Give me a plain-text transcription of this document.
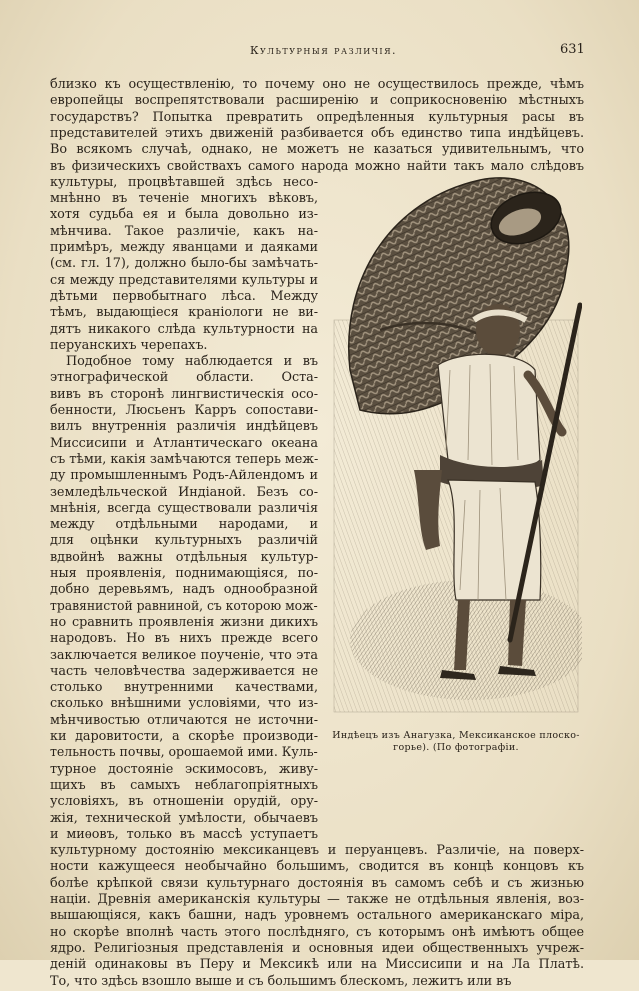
Культурныя различія.	631
близко къ осуществленію, то почему оно не осуществилось прежде, чѣмъ
европейцы воспрепятствовали расширенію и соприкосновенію мѣстныхъ
государствъ? Попытка превратить опредѣленныя культурныя расы въ
представителей этихъ движеній разбивается объ единство типа индѣйцевъ.
Во всякомъ случаѣ, однако, не можетъ не казаться удивительнымъ, что
въ физическихъ свойствахъ самого народа можно найти такъ мало слѣдовъ
культуры, процвѣтавшей здѣсь несо-
мнѣнно въ теченіе многихъ вѣковъ,
хотя судьба ея и была довольно из-
мѣнчива. Такое различіе, какъ на-
примѣръ, между яванцами и даяками
(см. гл. 17), должно было-бы замѣчать-
ся между представителями культуры и
дѣтьми первобытнаго лѣса. Между
тѣмъ, выдающіеся краніологи не ви-
дятъ никакого слѣда культурности на
перуанскихъ черепахъ.
Подобное тому наблюдается и въ
этнографической области. Оста-
вивъ въ сторонѣ лингвистическія осо-
бенности, Люсьенъ Карръ сопостави-
вилъ внутреннія различія индѣйцевъ
Миссисипи и Атлантическаго океана
съ тѣми, какія замѣчаются теперь меж-
ду промышленнымъ Родъ-Айлендомъ и
земледѣльческой Индіаной. Безъ со-
мнѣнія, всегда существовали различія
между отдѣльными народами, и
для оцѣнки культурныхъ различій
вдвойнѣ важны отдѣльныя культур-
ныя проявленія, поднимающіяся, по-
добно деревьямъ, надъ однообразной
травянистой равниной, съ которою мож-
но сравнить проявленія жизни дикихъ
народовъ. Но въ нихъ прежде всего
заключается великое поученіе, что эта
часть человѣчества задерживается не
столько внутренними качествами,
сколько внѣшними условіями, что из-
мѣнчивостью отличаются не источни-
ки даровитости, а скорѣе производи-
тельность почвы, орошаемой ими. Куль-
турное достояніе эскимосовъ, живу-
щихъ въ самыхъ неблагопріятныхъ
условіяхъ, въ отношеніи орудій, ору-
жія, технической умѣлости, обычаевъ
и миѳовъ, только въ массѣ уступаетъ
культурному достоянію мексиканцевъ и перуанцевъ. Различіе, на поверх-
ности кажущееся необычайно большимъ, сводится въ концѣ концовъ къ
болѣе крѣпкой связи культурнаго достоянія въ самомъ себѣ и съ жизнью
націи. Древнія американскія культуры — также не отдѣльныя явленія, воз-
вышающіяся, какъ башни, надъ уровнемъ остального американскаго міра,
но скорѣе вполнѣ часть этого послѣдняго, съ которымъ онѣ имѣютъ общее
ядро. Религіозныя представленія и основныя идеи общественныхъ учреж-
деній одинаковы въ Перу и Мексикѣ или на Миссисипи и на Ла Платѣ.
То, что здѣсь взошло выше и съ большимъ блескомъ, лежитъ или въ
Индѣецъ изъ Анагузка, Мексиканское плоско-
горье). (По фотографіи.
